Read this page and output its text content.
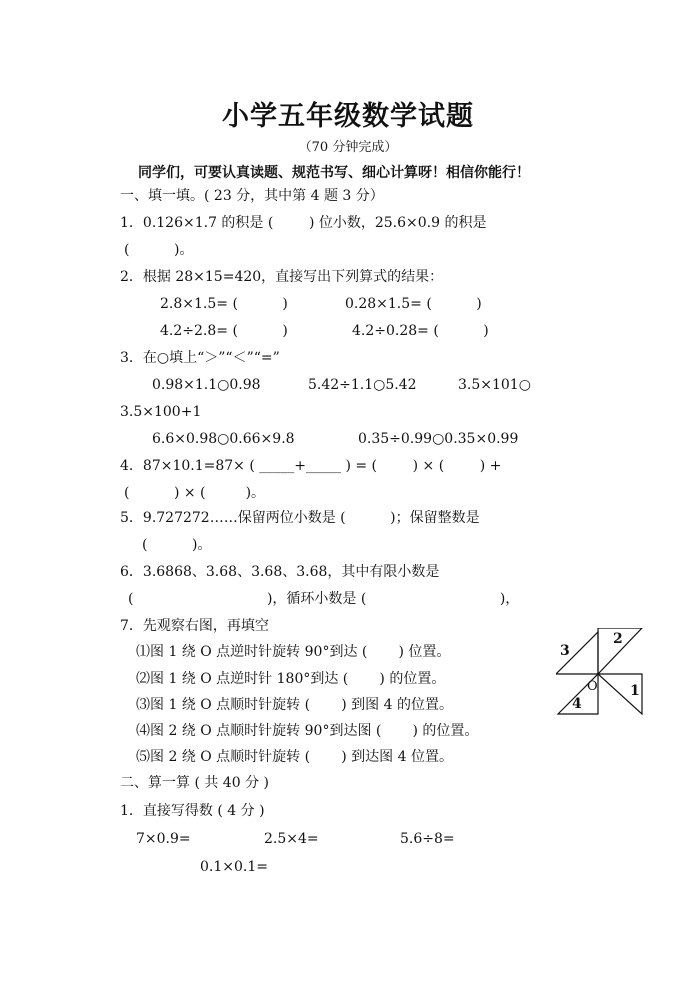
小学五年级数学试题
（70 分钟完成）
同学们，可要认真读题、规范书写、细心计算呀！相信你能行！
一、填一填。( 23 分，其中第 4 题 3 分）
1．0.126×1.7 的积是 (        ) 位小数，25.6×0.9 的积是
(          )。
2．根据 28×15=420，直接写出下列算式的结果：
2.8×1.5= (          )	0.28×1.5= (          )
4.2÷2.8= (          )	4.2÷0.28= (          )
3．在○填上“＞”“＜”“=”
0.98×1.1○0.98	5.42÷1.1○5.42	3.5×101○
3.5×100+1
6.6×0.98○0.66×9.8	0.35÷0.99○0.35×0.99
4．87×10.1=87× ( _____+_____ ) = (        ) × (        ) +
(          ) × (         )。
5．9.727272……保留两位小数是 (          )；保留整数是
(          )。
6．3.6868、3.68、3.68、3.68，其中有限小数是
(                              )，循环小数是 (                              )，
7．先观察右图，再填空
⑴图 1 绕 O 点逆时针旋转 90°到达 (       ) 位置。
⑵图 1 绕 O 点逆时针 180°到达 (       ) 的位置。
⑶图 1 绕 O 点顺时针旋转 (       ) 到图 4 的位置。
⑷图 2 绕 O 点顺时针旋转 90°到达图 (       ) 的位置。
⑸图 2 绕 O 点顺时针旋转 (       ) 到达图 4 位置。
1
2
3
4
O
二、算一算 ( 共 40 分 )
1．直接写得数 ( 4 分 )
7×0.9=	2.5×4=	5.6÷8=
0.1×0.1=
